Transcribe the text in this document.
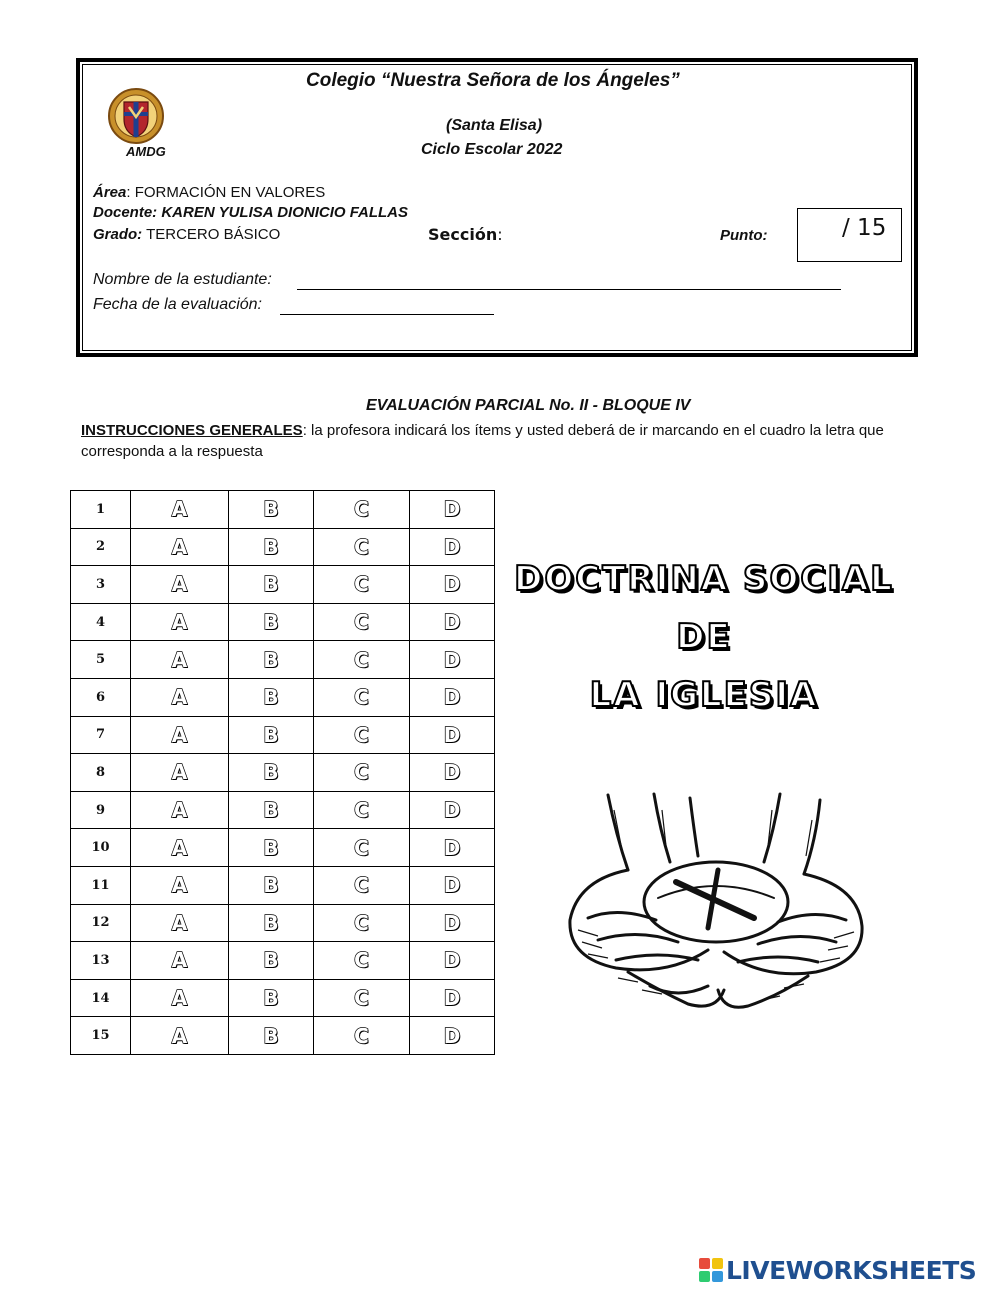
Colegio “Nuestra Señora de los Ángeles”
(Santa Elisa)
Ciclo Escolar 2022
AMDG
Área: FORMACIÓN EN VALORES
Docente: KAREN YULISA DIONICIO FALLAS
Grado: TERCERO BÁSICO	Sección:	Punto:	/ 15
Nombre de la estudiante:
Fecha de la evaluación:
EVALUACIÓN PARCIAL No. II - BLOQUE IV
INSTRUCCIONES GENERALES: la profesora indicará los ítems y usted deberá de ir marcando en el cuadro la letra que corresponda a la respuesta
1	A	B	C	D
2	A	B	C	D
3	A	B	C	D
4	A	B	C	D
5	A	B	C	D
6	A	B	C	D
7	A	B	C	D
8	A	B	C	D
9	A	B	C	D
10	A	B	C	D
11	A	B	C	D
12	A	B	C	D
13	A	B	C	D
14	A	B	C	D
15	A	B	C	D
DOCTRINA SOCIAL DE
LA IGLESIA
LIVEWORKSHEETS
